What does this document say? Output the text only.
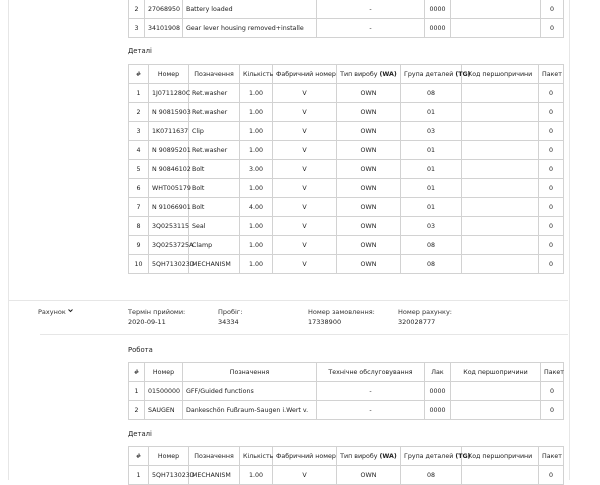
2	27068950	Battery loaded	-	0000		0
3	34101908	Gear lever housing removed+installe	-	0000		0
Деталі
#	Номер	Позначення	Кількість	Фабричний номер	Тип виробу (WA)	Група деталей (TG)	Код першопричини	Пакет
1	1J0711280C	Ret.washer	1.00	V	OWN	08		0
2	N 90815903	Ret.washer	1.00	V	OWN	01		0
3	1K0711637	Clip	1.00	V	OWN	03		0
4	N 90895201	Ret.washer	1.00	V	OWN	01		0
5	N 90846102	Bolt	3.00	V	OWN	01		0
6	WHT005179	Bolt	1.00	V	OWN	01		0
7	N 91066901	Bolt	4.00	V	OWN	01		0
8	3Q0253115	Seal	1.00	V	OWN	03		0
9	3Q0253725A	Clamp	1.00	V	OWN	08		0
10	5QH713023D	MECHANISM	1.00	V	OWN	08		0
Рахунок	Термін прийоми:
2020-09-11
Пробіг:
34334
Номер замовлення:
17338900
Номер рахунку:
320028777
Робота
#	Номер	Позначення	Технічне обслуговування	Лак	Код першопричини	Пакет
1	01500000	GFF/Guided functions	-	0000		0
2	SAUGEN	Dankeschön Fußraum-Saugen i.Wert v.	-	0000		0
Деталі
#	Номер	Позначення	Кількість	Фабричний номер	Тип виробу (WA)	Група деталей (TG)	Код першопричини	Пакет
1	5QH713023D	MECHANISM	1.00	V	OWN	08		0
